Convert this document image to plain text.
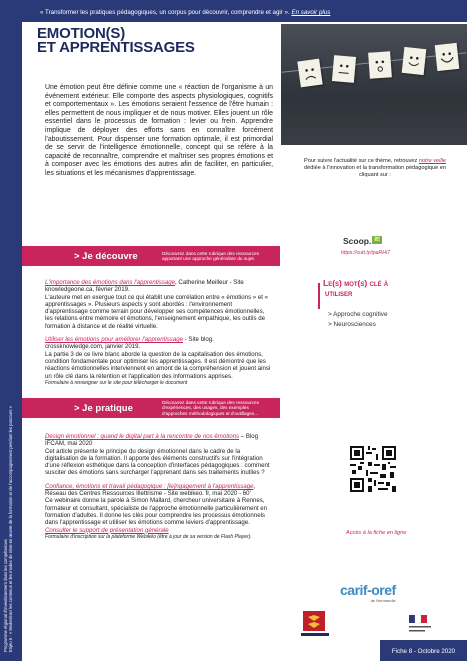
« Transformer les pratiques pédagogiques, un corpus pour découvrir, comprendre et agir ». En savoir plus
Programme régional d'investissement dans les compétences Enjeu 6 : « Moderniser les contenus et les modes de mise en œuvre de la formation et de l'accompagnement pendant les parcours »
EMOTION(S)
ET APPRENTISSAGES
Une émotion peut être définie comme une « réaction de l'organisme à un événement extérieur. Elle comporte des aspects physiologiques, cognitifs et comportementaux ». Les émotions seraient l'essence de l'être humain : elles permettent de nous impliquer et de nous motiver. Elles jouent un rôle essentiel dans le processus de formation : levier ou frein. Apprendre implique de déployer des efforts sans en connaître forcément l'aboutissement. Pour dispenser une formation optimale, il est primordial de se servir de l'intelligence émotionnelle, concept qui se réfère à la capacité de reconnaître, comprendre et maîtriser ses propres émotions et à composer avec les émotions des autres afin de faciliter, en particulier, les situations et les mécanismes d'apprentissage.
> Je découvre	Découvrez dans cette rubrique des ressources apportant une approche généraliste du sujet.
L'importance des émotions dans l'apprentissage, Catherine Meilleur - Site knowledgeone.ca, février 2019.
L'auteure met en exergue tout ce qui établit une corrélation entre « émotions » et « apprentissages ». Plusieurs aspects y sont abordés : l'environnement d'apprentissage comme terrain pour développer ses compétences émotionnelles, les relations entre mémoire et émotions, l'enseignement empathique, les outils de formation à distance et de réalité virtuelle.
Utiliser les émotions pour améliorer l'apprentissage - Site blog. crossknowledge.com, janvier 2019.
La partie 3 de ce livre blanc aborde la question de la capitalisation des émotions, condition fondamentale pour optimiser les apprentissages. Il est démontré que les réactions émotionnelles interviennent en amont de la compréhension et jouent ainsi un rôle clé dans la rétention et l'application des informations apprises.
Formulaire à renseigner sur le site pour télécharger le document
> Je pratique
Découvrez dans cette rubrique des ressources d'expériences, des usages, des exemples d'approches méthodologiques et d'outillages...
Design émotionnel : quand le digital part à la rencontre de nos émotions – Blog IFCAM, mai 2020
Cet article présente le principe du design émotionnel dans le cadre de la digitalisation de la formation. Il apporte des éléments constructifs sur l'intégration d'une réflexion esthétique dans la conception d'interfaces pédagogiques : comment susciter des émotions sans surcharger l'apprenant dans ses traitements inutiles ?
Confiance, émotions et travail pédagogique : [le]ngagement à l'apprentissage, Réseau des Centres Ressources Illettrisme - Site webikeo. fr, mai 2020 - 60'
Ce webinaire donne la parole à Simon Mallard, chercheur universitaire à Rennes, formateur et consultant, spécialiste de l'approche émotionnelle particulièrement en formation d'adultes. Il donne les clés pour comprendre les processus émotionnels dans l'apprentissage et utiliser les émotions comme leviers d'apprentissage. Consulter le support de présentation générale
Formulaire d'inscription sur la plateforme Webikéo (être à jour de sa version de Flash Player).
Pour suivre l'actualité sur ce thème, retrouvez notre veille dédiée à l'innovation et la transformation pédagogique en cliquant sur :
Scoop. it!
https://cutt.ly/ipaRHi7
Le(s) mot(s) clé à
utiliser
> Approche cognitive
> Neurosciences
Accès à la fiche en ligne
carif-oref
de Normandie
Fiche 8 - Octobre 2020
